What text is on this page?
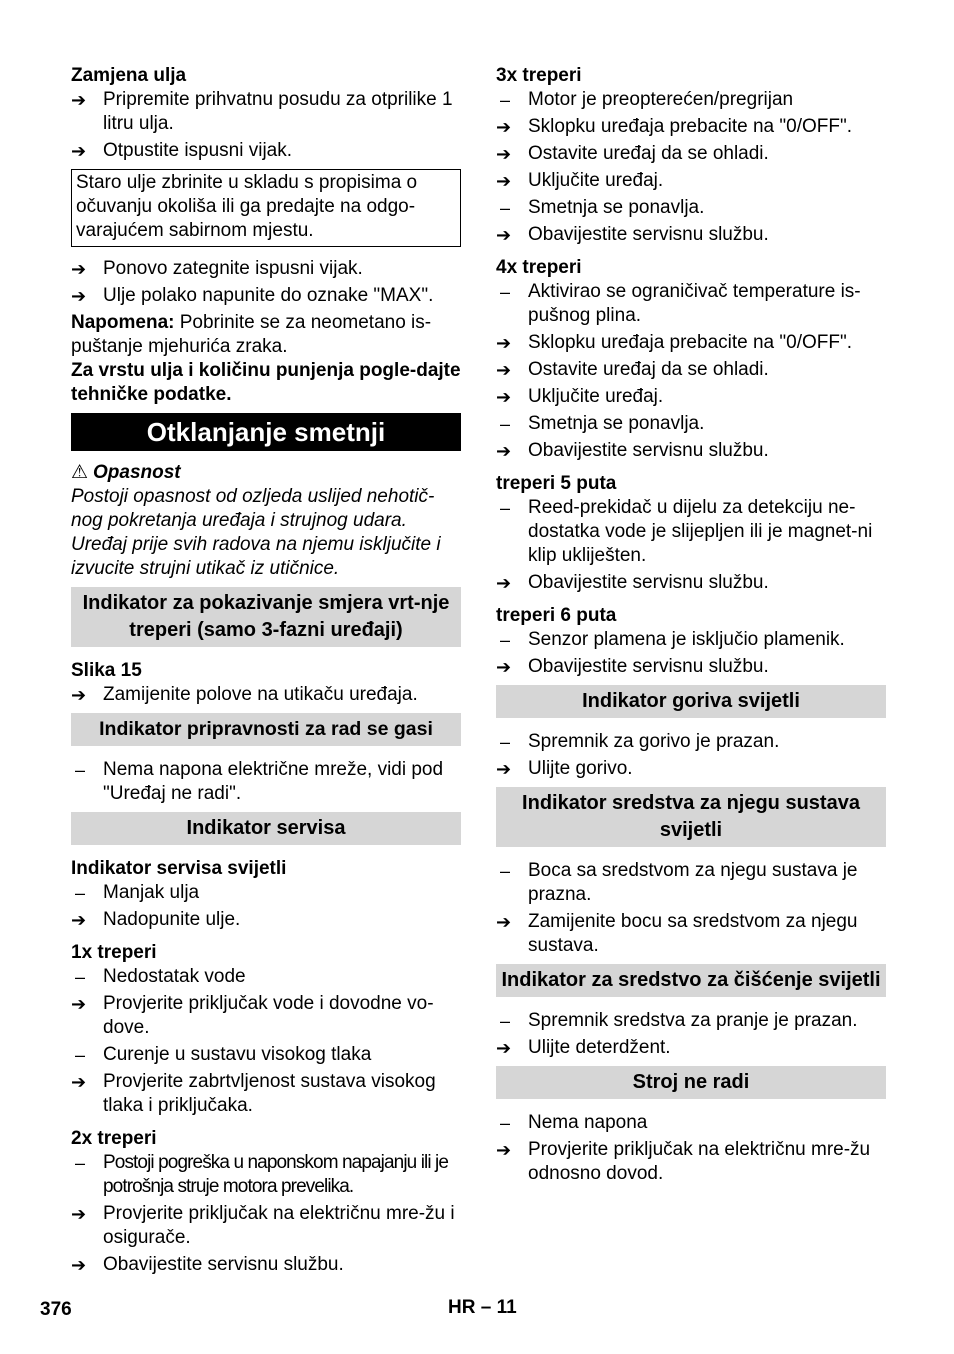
Zamjena ulja

➔ Pripremite prihvatnu posudu za otprilike 1 litru ulja.
➔ Otpustite ispusni vijak.
Staro ulje zbrinite u skladu s propisima o očuvanju okoliša ili ga predajte na odgo-varajućem sabirnom mjestu.
➔ Ponovo zategnite ispusni vijak.
➔ Ulje polako napunite do oznake "MAX".

Napomena: Pobrinite se za neometano is-puštanje mjehurića zraka.

Za vrstu ulja i količinu punjenja pogle-dajte tehničke podatke.

Otklanjanje smetnji

⚠ Opasnost

Postoji opasnost od ozljeda uslijed nehotič-nog pokretanja uređaja i strujnog udara. Uređaj prije svih radova na njemu isključite i izvucite strujni utikač iz utičnice.

Indikator za pokazivanje smjera vrt-nje treperi (samo 3-fazni uređaji)

Slika 15

➔ Zamijenite polove na utikaču uređaja.
Indikator pripravnosti za rad se gasi
– Nema napona električne mreže, vidi pod "Uređaj ne radi".
Indikator servisa

Indikator servisa svijetli

– Manjak ulja
➔ Nadopunite ulje.

1x treperi

– Nedostatak vode
➔ Provjerite priključak vode i dovodne vo-dove.
– Curenje u sustavu visokog tlaka
➔ Provjerite zabrtvljenost sustava visokog tlaka i priključaka.

2x treperi

– Postoji pogreška u naponskom napajanju ili je potrošnja struje motora prevelika.
➔ Provjerite priključak na električnu mre-žu i osigurače.
➔ Obavijestite servisnu službu.

3x treperi

– Motor je preopterećen/pregrijan
➔ Sklopku uređaja prebacite na "0/OFF".
➔ Ostavite uređaj da se ohladi.
➔ Uključite uređaj.
– Smetnja se ponavlja.
➔ Obavijestite servisnu službu.

4x treperi

– Aktivirao se ograničivač temperature is-pušnog plina.
➔ Sklopku uređaja prebacite na "0/OFF".
➔ Ostavite uređaj da se ohladi.
➔ Uključite uređaj.
– Smetnja se ponavlja.
➔ Obavijestite servisnu službu.

treperi 5 puta

– Reed-prekidač u dijelu za detekciju ne-dostatka vode je slijepljen ili je magnet-ni klip ukliješten.
➔ Obavijestite servisnu službu.

treperi 6 puta

– Senzor plamena je isključio plamenik.
➔ Obavijestite servisnu službu.
Indikator goriva svijetli
– Spremnik za gorivo je prazan.
➔ Ulijte gorivo.
Indikator sredstva za njegu sustava svijetli
– Boca sa sredstvom za njegu sustava je prazna.
➔ Zamijenite bocu sa sredstvom za njegu sustava.
Indikator za sredstvo za čišćenje svijetli
– Spremnik sredstva za pranje je prazan.
➔ Ulijte deterdžent.
Stroj ne radi
– Nema napona
➔ Provjerite priključak na električnu mre-žu odnosno dovod.
376	HR – 11
